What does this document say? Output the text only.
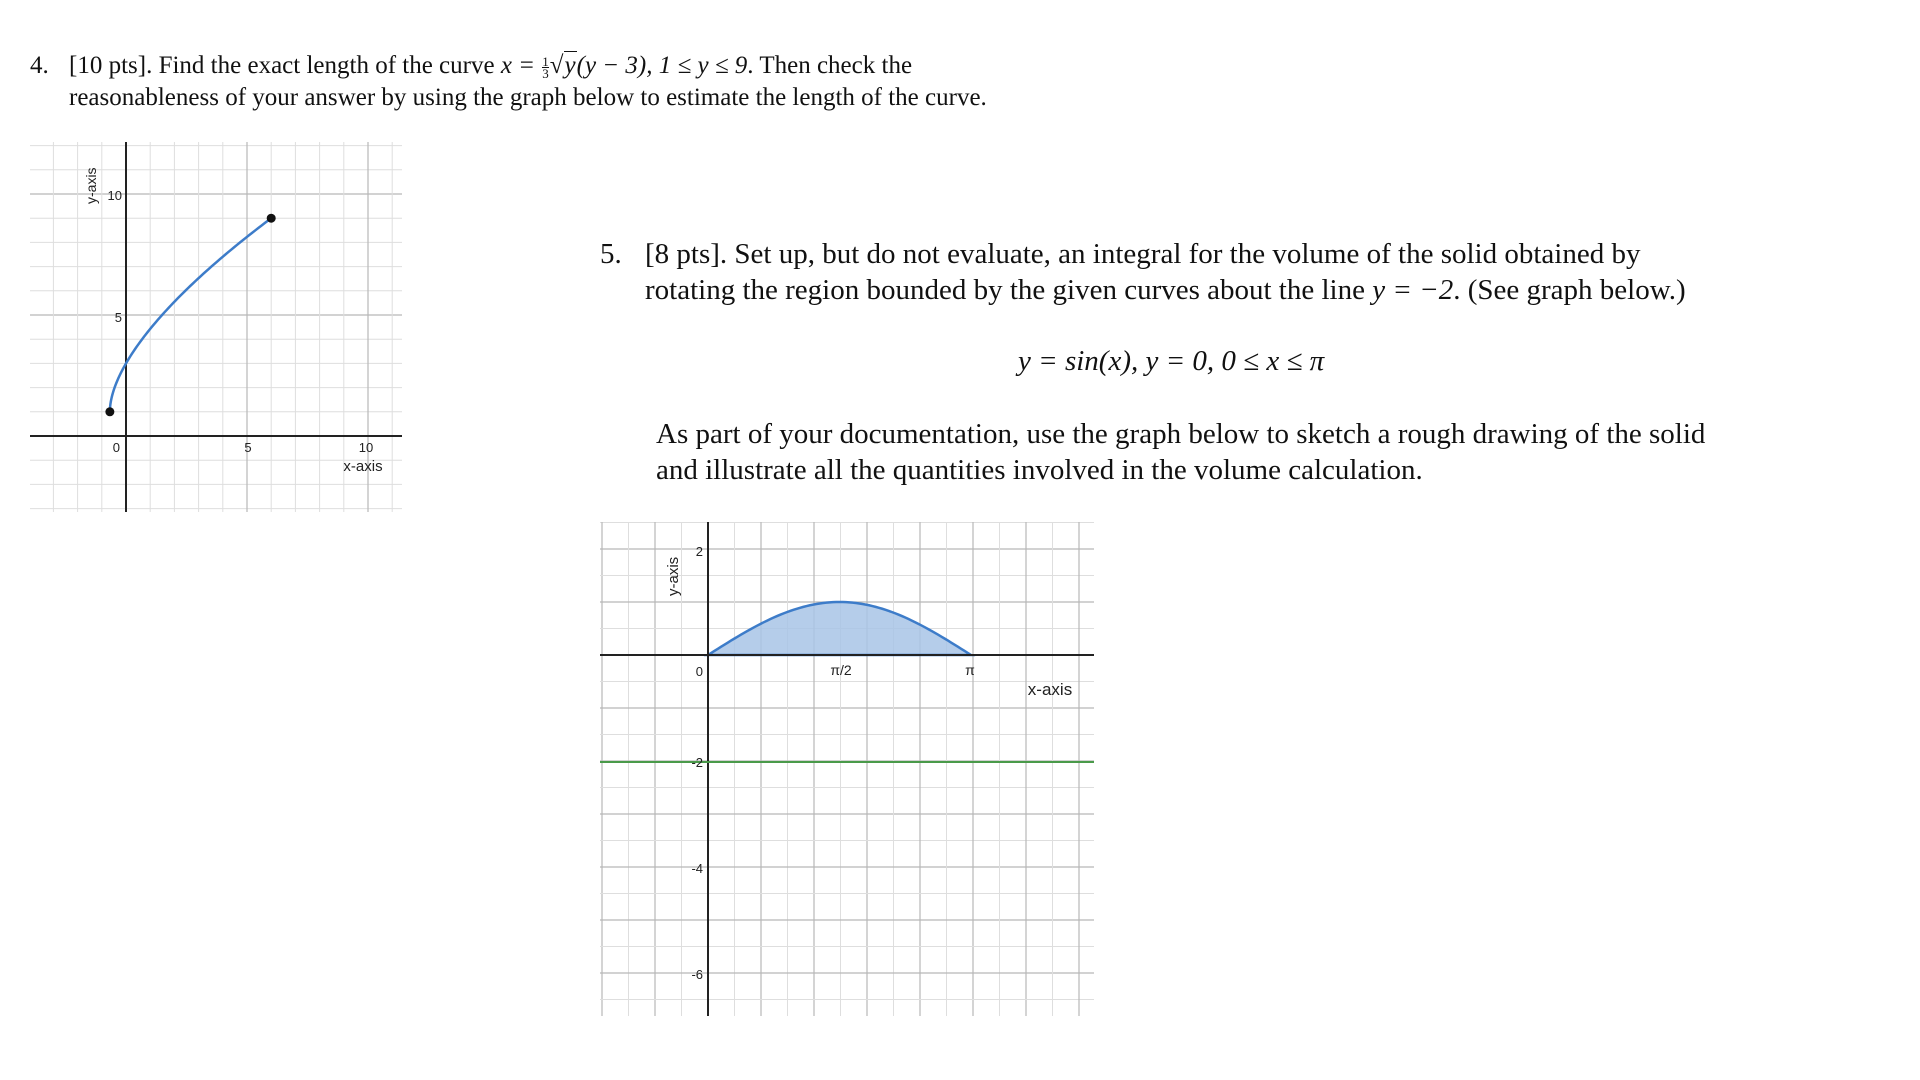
4. [10 pts]. Find the exact length of the curve $x = \frac{1}{3} √y(y - 3)$, 1 ≤ y ≤ 9. Then check the
reasonableness of your answer by using the graph below to estimate the length of the curve.
y-axis 10
5
0	5	10
x-axis
5. [8 pts]. Set up, but do not evaluate, an integral for the volume of the solid obtained by
rotating the region bounded by the given curves about the line y = −2. (See graph below.)
y = sin(x), y = 0, 0 ≤ x ≤ π
As part of your documentation, use the graph below to sketch a rough drawing of the solid
and illustrate all the quantities involved in the volume calculation.
y-axis
2
0	π/2	π
x-axis
-2
-4
-6
